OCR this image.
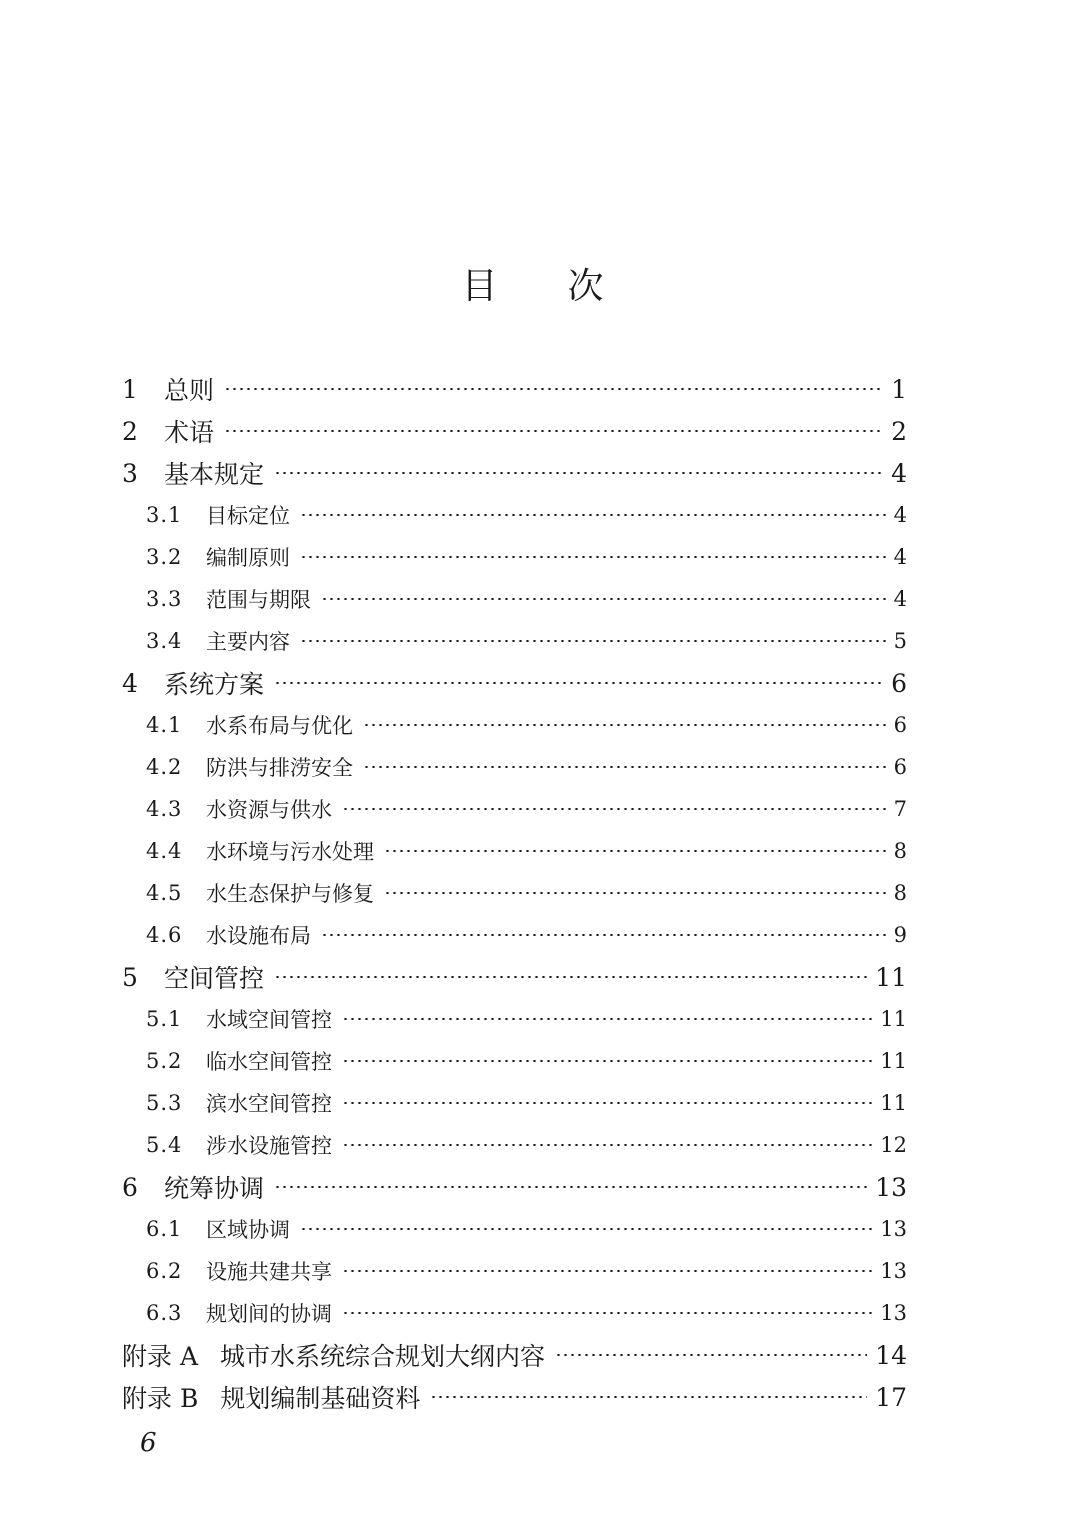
目 次
1	总则	1
2	术语	2
3	基本规定	4
3.1	目标定位	4
3.2	编制原则	4
3.3	范围与期限	4
3.4	主要内容	5
4	系统方案	6
4.1	水系布局与优化	6
4.2	防洪与排涝安全	6
4.3	水资源与供水	7
4.4	水环境与污水处理	8
4.5	水生态保护与修复	8
4.6	水设施布局	9
5	空间管控	11
5.1	水域空间管控	11
5.2	临水空间管控	11
5.3	滨水空间管控	11
5.4	涉水设施管控	12
6	统筹协调	13
6.1	区域协调	13
6.2	设施共建共享	13
6.3	规划间的协调	13
附录 A 城市水系统综合规划大纲内容	14
附录 B 规划编制基础资料	17
6
